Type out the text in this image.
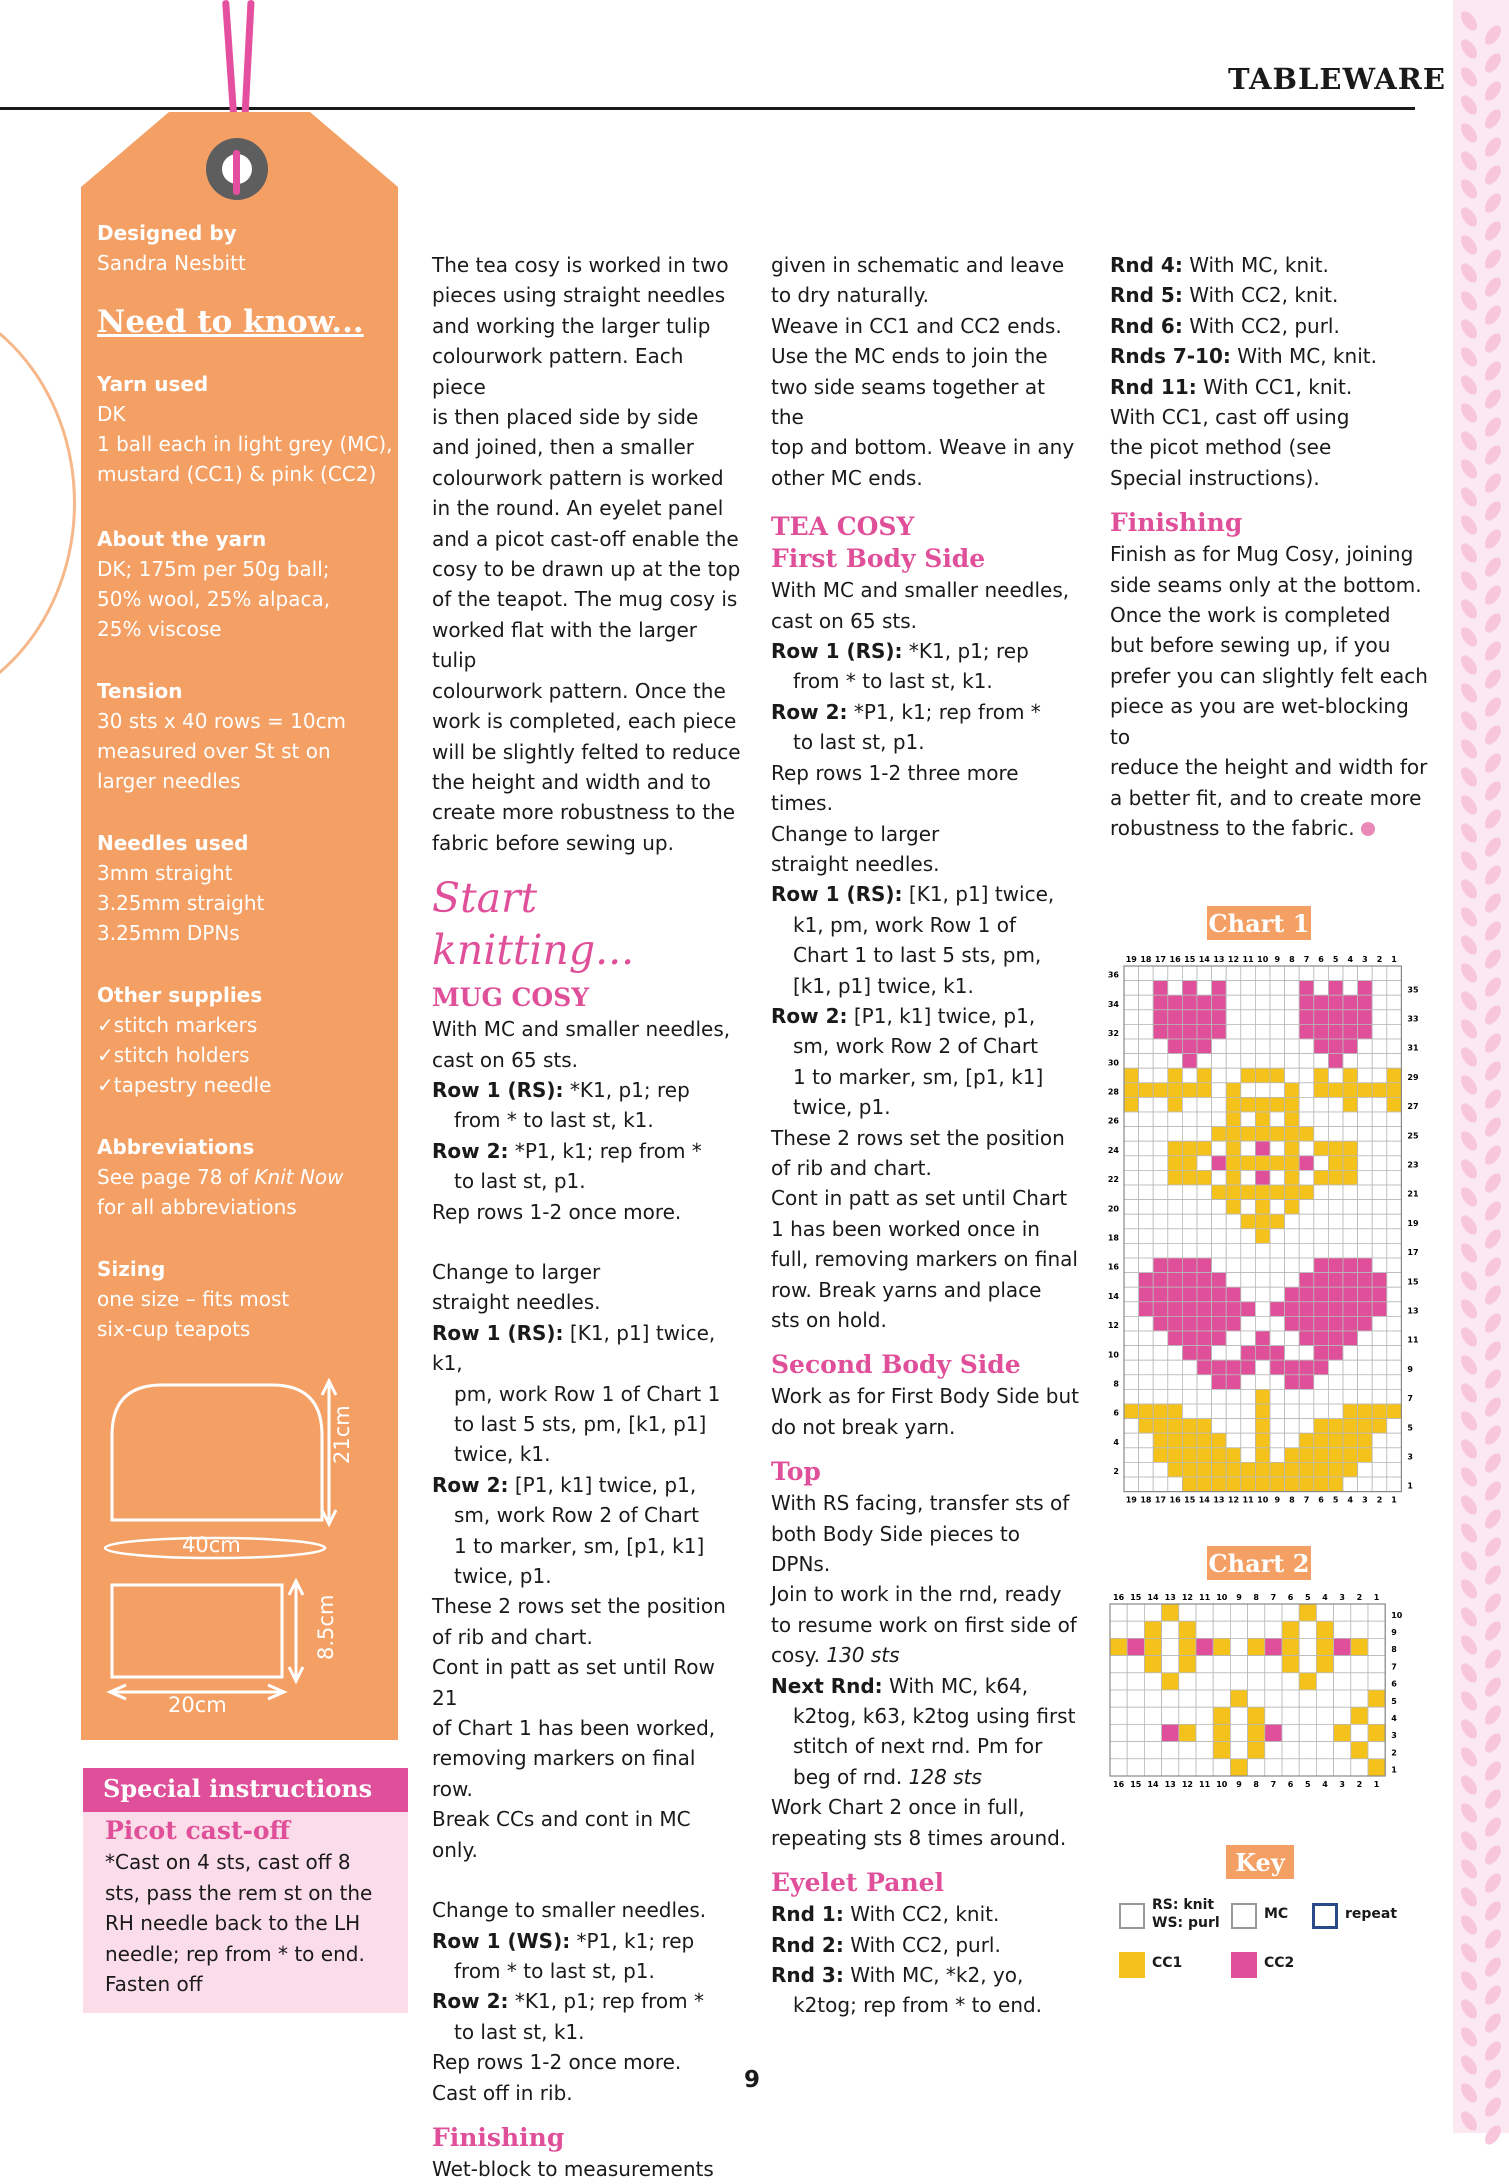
TABLEWARE
Designed by
Sandra Nesbitt
Need to know...
Yarn used
DK
1 ball each in light grey (MC),
mustard (CC1) & pink (CC2)
About the yarn
DK; 175m per 50g ball;
50% wool, 25% alpaca,
25% viscose
Tension
30 sts x 40 rows = 10cm
measured over St st on
larger needles
Needles used
3mm straight
3.25mm straight
3.25mm DPNs
Other supplies
✓ stitch markers
✓ stitch holders
✓ tapestry needle
Abbreviations
See page 78 of Knit Now
for all abbreviations
Sizing
one size – fits most
six-cup teapots
21cm
40cm
8.5cm
20cm
Special instructions
Picot cast-off
*Cast on 4 sts, cast off 8
sts, pass the rem st on the
RH needle back to the LH
needle; rep from * to end.
Fasten off

The tea cosy is worked in two

pieces using straight needles

and working the larger tulip

colourwork pattern. Each piece

is then placed side by side

and joined, then a smaller

colourwork pattern is worked

in the round. An eyelet panel

and a picot cast-off enable the

cosy to be drawn up at the top

of the teapot. The mug cosy is

worked flat with the larger tulip

colourwork pattern. Once the

work is completed, each piece

will be slightly felted to reduce

the height and width and to

create more robustness to the

fabric before sewing up.

Start knitting...

MUG COSY

With MC and smaller needles,

cast on 65 sts.

Row 1 (RS): *K1, p1; rep

from * to last st, k1.

Row 2: *P1, k1; rep from *

to last st, p1.

Rep rows 1-2 once more.

Change to larger

straight needles.

Row 1 (RS): [K1, p1] twice, k1,

pm, work Row 1 of Chart 1

to last 5 sts, pm, [k1, p1]

twice, k1.

Row 2: [P1, k1] twice, p1,

sm, work Row 2 of Chart

1 to marker, sm, [p1, k1]

twice, p1.

These 2 rows set the position

of rib and chart.

Cont in patt as set until Row 21

of Chart 1 has been worked,

removing markers on final row.

Break CCs and cont in MC only.

Change to smaller needles.

Row 1 (WS): *P1, k1; rep

from * to last st, p1.

Row 2: *K1, p1; rep from *

to last st, k1.

Rep rows 1-2 once more.

Cast off in rib.

Finishing

Wet-block to measurements

given in schematic and leave

to dry naturally.

Weave in CC1 and CC2 ends.

Use the MC ends to join the

two side seams together at the

top and bottom. Weave in any

other MC ends.

TEA COSY

First Body Side

With MC and smaller needles,

cast on 65 sts.

Row 1 (RS): *K1, p1; rep

from * to last st, k1.

Row 2: *P1, k1; rep from *

to last st, p1.

Rep rows 1-2 three more times.

Change to larger

straight needles.

Row 1 (RS): [K1, p1] twice,

k1, pm, work Row 1 of

Chart 1 to last 5 sts, pm,

[k1, p1] twice, k1.

Row 2: [P1, k1] twice, p1,

sm, work Row 2 of Chart

1 to marker, sm, [p1, k1]

twice, p1.

These 2 rows set the position

of rib and chart.

Cont in patt as set until Chart

1 has been worked once in

full, removing markers on final

row. Break yarns and place

sts on hold.

Second Body Side

Work as for First Body Side but

do not break yarn.

Top

With RS facing, transfer sts of

both Body Side pieces to DPNs.

Join to work in the rnd, ready

to resume work on first side of

cosy. 130 sts

Next Rnd: With MC, k64,

k2tog, k63, k2tog using first

stitch of next rnd. Pm for

beg of rnd. 128 sts

Work Chart 2 once in full,

repeating sts 8 times around.

Eyelet Panel

Rnd 1: With CC2, knit.

Rnd 2: With CC2, purl.

Rnd 3: With MC, *k2, yo,

k2tog; rep from * to end.

Rnd 4: With MC, knit.

Rnd 5: With CC2, knit.

Rnd 6: With CC2, purl.

Rnds 7-10: With MC, knit.

Rnd 11: With CC1, knit.

With CC1, cast off using

the picot method (see

Special instructions).

Finishing

Finish as for Mug Cosy, joining

side seams only at the bottom.

Once the work is completed

but before sewing up, if you

prefer you can slightly felt each

piece as you are wet-blocking to

reduce the height and width for

a better fit, and to create more

robustness to the fabric.

Chart 1
19
19
18
18
17
17
16
16
15
15
14
14
13
13
12
12
11
11
10
10
9
9
8
8
7
7
6
6
5
5
4
4
3
3
2
2
1
1
35
33
31
29
27
25
23
21
19
17
15
13
11
9
7
5
3
1
36
34
32
30
28
26
24
22
20
18
16
14
12
10
8
6
4
2
Chart 2
16
16
15
15
14
14
13
13
12
12
11
11
10
10
9
9
8
8
7
7
6
6
5
5
4
4
3
3
2
2
1
1
10
9
8
7
6
5
4
3
2
1
Key
RS: knit
WS: purl
MC	repeat
CC1	CC2
9
